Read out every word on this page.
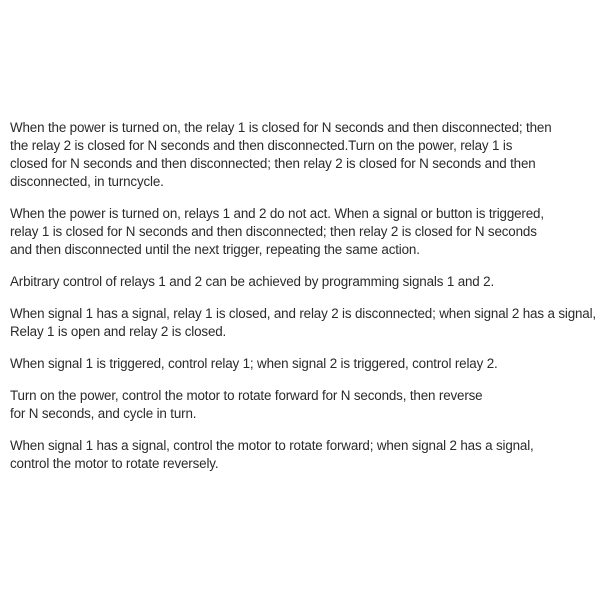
When the power is turned on, the relay 1 is closed for N seconds and then disconnected; then
the relay 2 is closed for N seconds and then disconnected.Turn on the power, relay 1 is
closed for N seconds and then disconnected; then relay 2 is closed for N seconds and then
disconnected, in turncycle.

When the power is turned on, relays 1 and 2 do not act. When a signal or button is triggered,
relay 1 is closed for N seconds and then disconnected; then relay 2 is closed for N seconds
and then disconnected until the next trigger, repeating the same action.

Arbitrary control of relays 1 and 2 can be achieved by programming signals 1 and 2.

When signal 1 has a signal, relay 1 is closed, and relay 2 is disconnected; when signal 2 has a signal,
Relay 1 is open and relay 2 is closed.

When signal 1 is triggered, control relay 1; when signal 2 is triggered, control relay 2.

Turn on the power, control the motor to rotate forward for N seconds, then reverse
for N seconds, and cycle in turn.

When signal 1 has a signal, control the motor to rotate forward; when signal 2 has a signal,
control the motor to rotate reversely.
